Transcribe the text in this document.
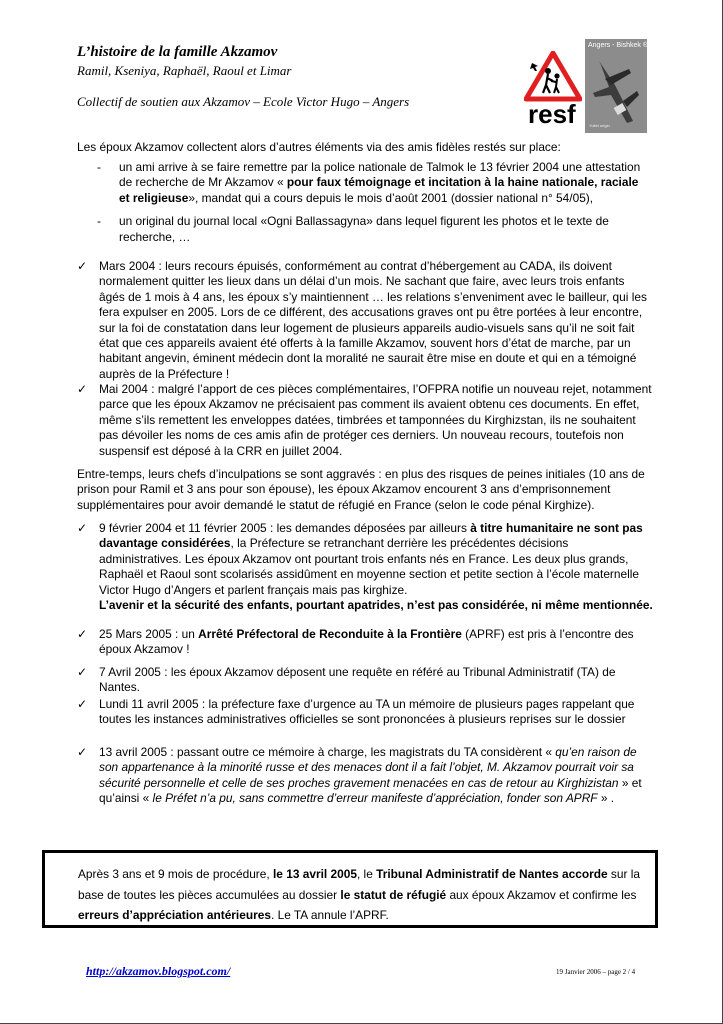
L’histoire de la famille Akzamov
Ramil, Kseniya, Raphaël, Raoul et Limar
Collectif de soutien aux Akzamov – Ecole Victor Hugo – Angers	resf
Angers - Bishkek ®
Yuliet origin
Les époux Akzamov collectent alors d’autres éléments via des amis fidèles restés sur place:
- un ami arrive à se faire remettre par la police nationale de Talmok le 13 février 2004 une attestation de recherche de Mr Akzamov « pour faux témoignage et incitation à la haine nationale, raciale et religieuse», mandat qui a cours depuis le mois d’août 2001 (dossier national n° 54/05),
- un original du journal local «Ogni Ballassagyna» dans lequel figurent les photos et le texte de recherche, …
✓ Mars 2004 : leurs recours épuisés, conformément au contrat d’hébergement au CADA, ils doivent normalement quitter les lieux dans un délai d’un mois. Ne sachant que faire, avec leurs trois enfants âgés de 1 mois à 4 ans, les époux s’y maintiennent … les relations s’enveniment avec le bailleur, qui les fera expulser en 2005. Lors de ce différent, des accusations graves ont pu être portées à leur encontre, sur la foi de constatation dans leur logement de plusieurs appareils audio-visuels sans qu’il ne soit fait état que ces appareils avaient été offerts à la famille Akzamov, souvent hors d’état de marche, par un habitant angevin, éminent médecin dont la moralité ne saurait être mise en doute et qui en a témoigné auprès de la Préfecture !
✓ Mai 2004 : malgré l’apport de ces pièces complémentaires, l’OFPRA notifie un nouveau rejet, notamment parce que les époux Akzamov ne précisaient pas comment ils avaient obtenu ces documents. En effet, même s’ils remettent les enveloppes datées, timbrées et tamponnées du Kirghizstan, ils ne souhaitent pas dévoiler les noms de ces amis afin de protéger ces derniers. Un nouveau recours, toutefois non suspensif est déposé à la CRR en juillet 2004.
Entre-temps, leurs chefs d’inculpations se sont aggravés : en plus des risques de peines initiales (10 ans de prison pour Ramil et 3 ans pour son épouse), les époux Akzamov encourent 3 ans d’emprisonnement supplémentaires pour avoir demandé le statut de réfugié en France (selon le code pénal Kirghize).
✓ 9 février 2004 et 11 février 2005 : les demandes déposées par ailleurs à titre humanitaire ne sont pas davantage considérées, la Préfecture se retranchant derrière les précédentes décisions administratives. Les époux Akzamov ont pourtant trois enfants nés en France. Les deux plus grands, Raphaël et Raoul sont scolarisés assidûment en moyenne section et petite section à l’école maternelle Victor Hugo d’Angers et parlent français mais pas kirghize.
L’avenir et la sécurité des enfants, pourtant apatrides, n’est pas considérée, ni même mentionnée.
✓ 25 Mars 2005 : un Arrêté Préfectoral de Reconduite à la Frontière (APRF) est pris à l’encontre des époux Akzamov !
✓ 7 Avril 2005 : les époux Akzamov déposent une requête en référé au Tribunal Administratif (TA) de Nantes.
✓ Lundi 11 avril 2005 : la préfecture faxe d’urgence au TA un mémoire de plusieurs pages rappelant que toutes les instances administratives officielles se sont prononcées à plusieurs reprises sur le dossier
✓ 13 avril 2005 : passant outre ce mémoire à charge, les magistrats du TA considèrent « qu’en raison de son appartenance à la minorité russe et des menaces dont il a fait l’objet, M. Akzamov pourrait voir sa sécurité personnelle et celle de ses proches gravement menacées en cas de retour au Kirghizistan » et qu’ainsi « le Préfet n’a pu, sans commettre d’erreur manifeste d’appréciation, fonder son APRF » .
Après 3 ans et 9 mois de procédure, le 13 avril 2005, le Tribunal Administratif de Nantes accorde sur la base de toutes les pièces accumulées au dossier le statut de réfugié aux époux Akzamov et confirme les erreurs d’appréciation antérieures. Le TA annule l’APRF.
http://akzamov.blogspot.com/	19 Janvier 2006 – page 2 / 4
